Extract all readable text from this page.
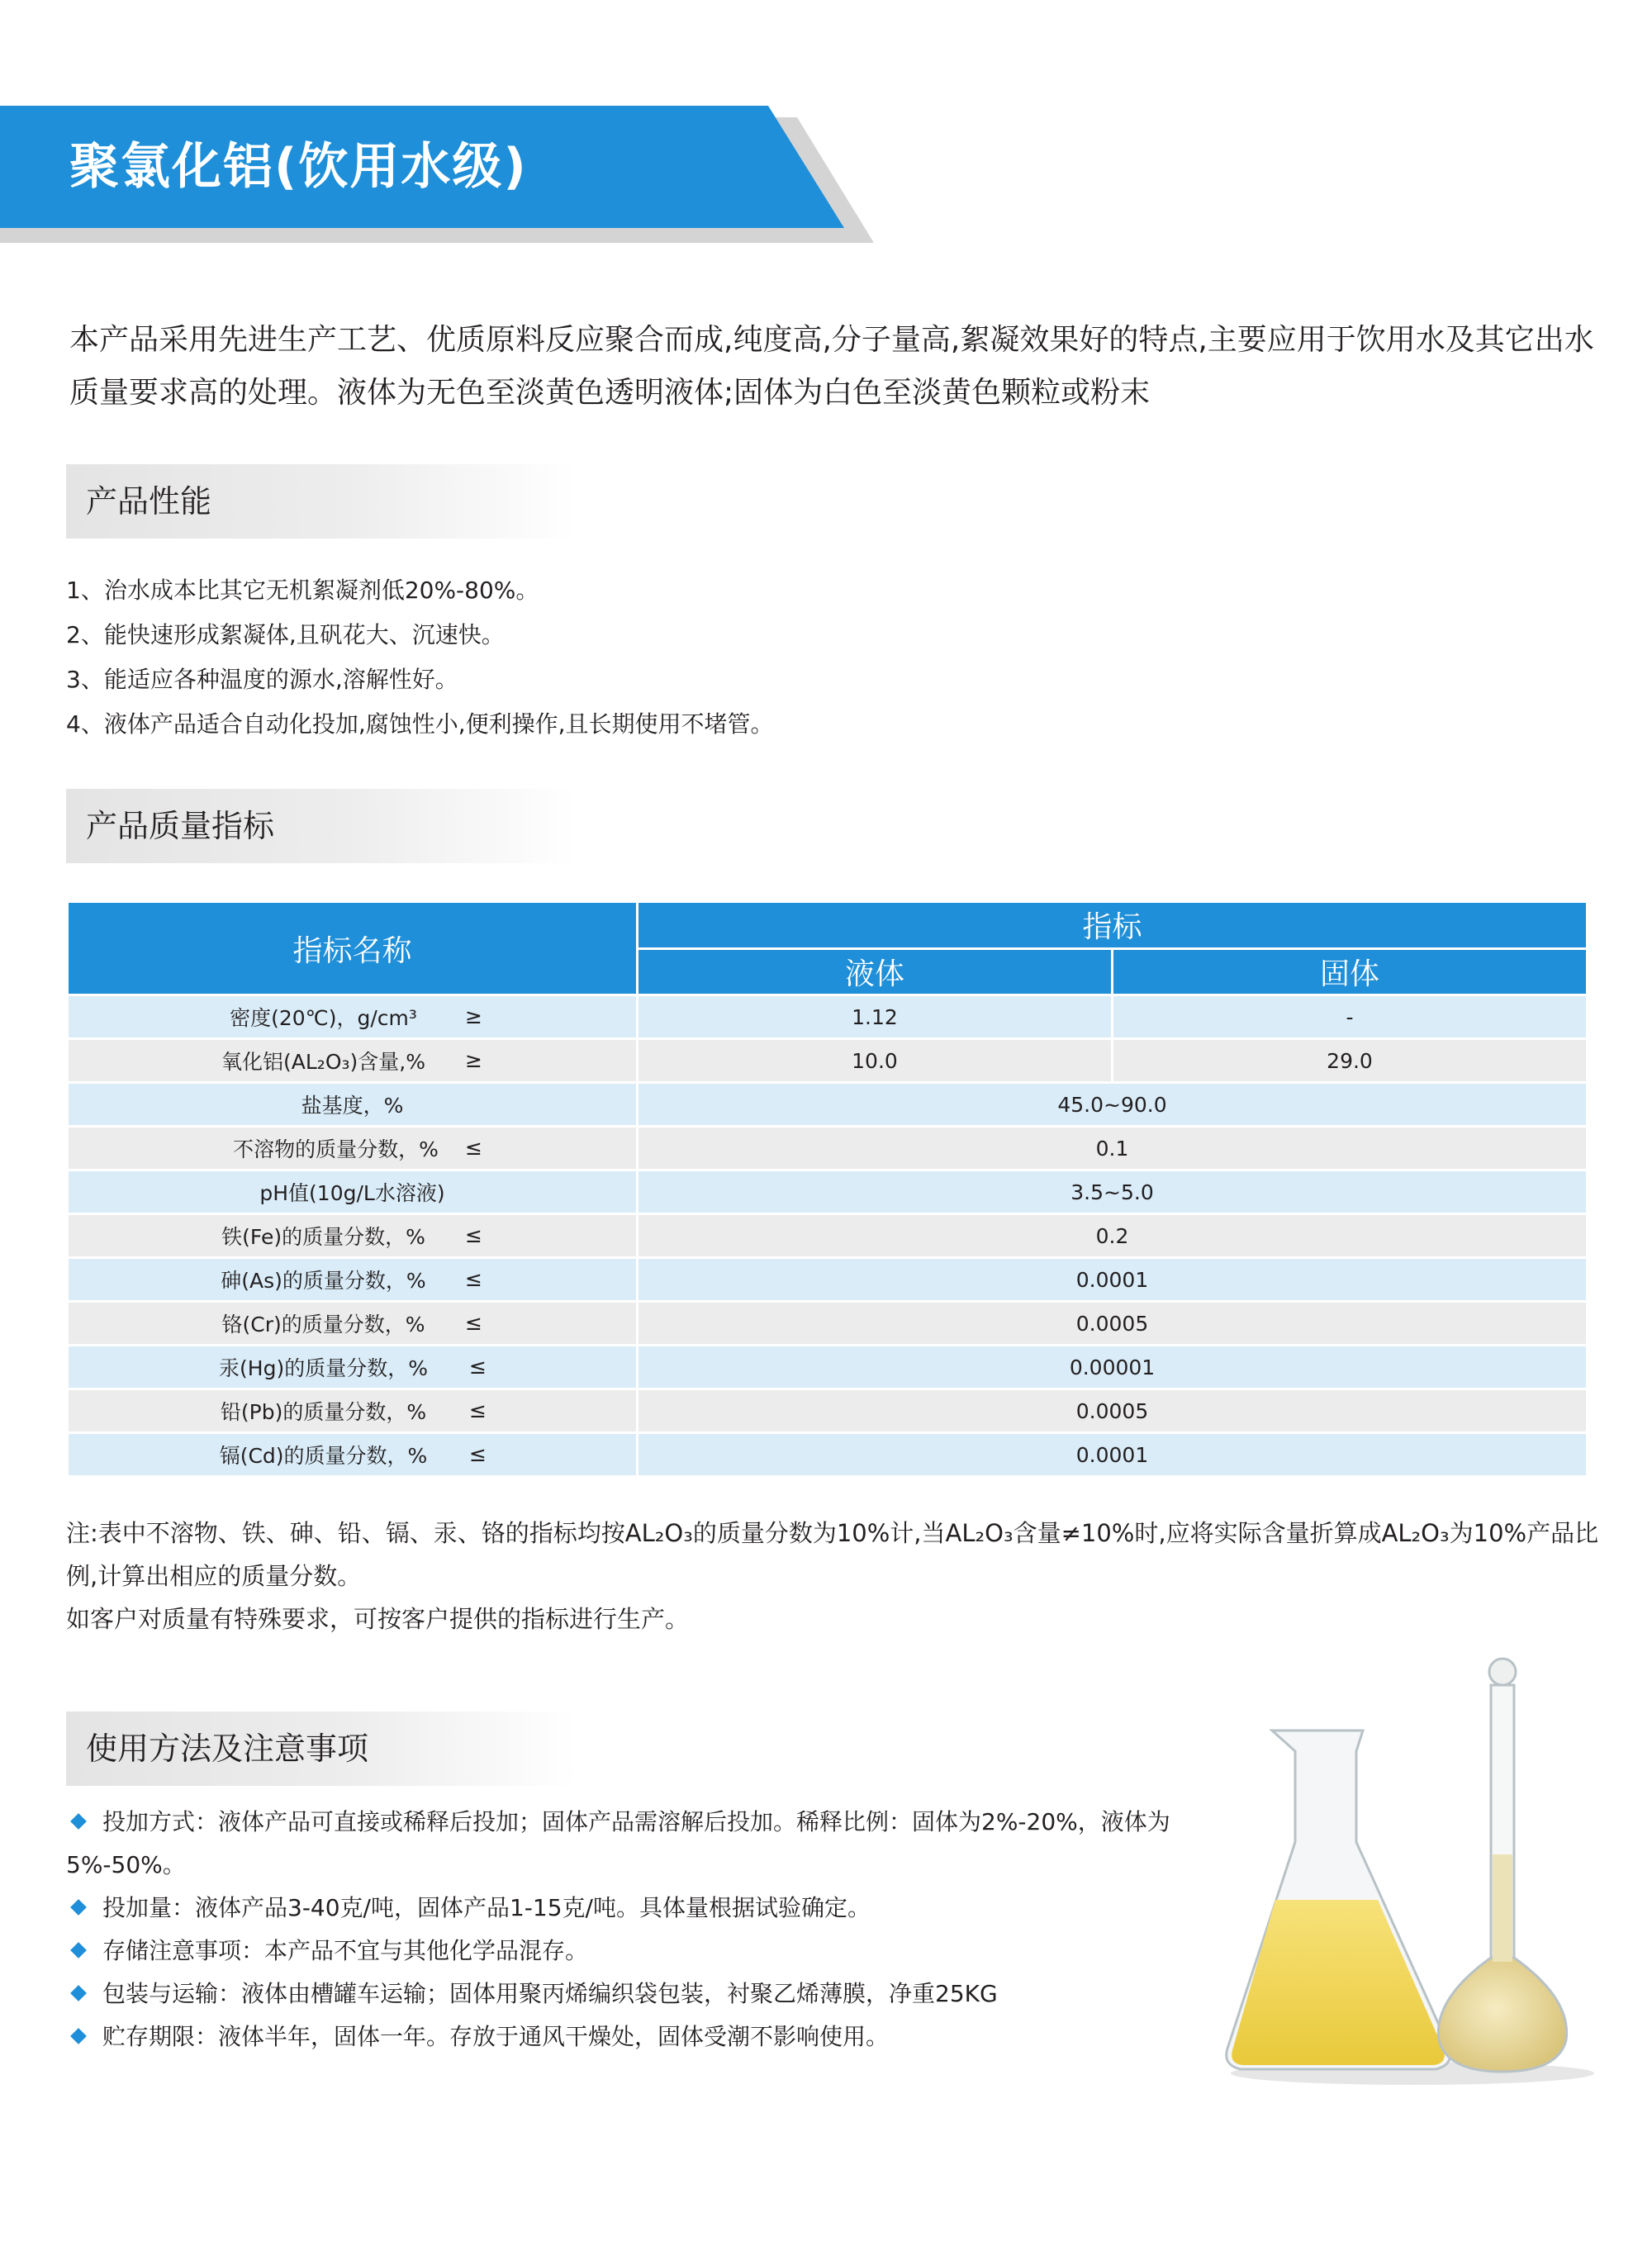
聚氯化铝(饮用水级)

本产品采用先进生产工艺、优质原料反应聚合而成,纯度高,分子量高,絮凝效果好的特点,主要应用于饮用水及其它出水质量要求高的处理。液体为无色至淡黄色透明液体;固体为白色至淡黄色颗粒或粉末

产品性能
1、治水成本比其它无机絮凝剂低20%-80%。
2、能快速形成絮凝体,且矾花大、沉速快。
3、能适应各种温度的源水,溶解性好。
4、液体产品适合自动化投加,腐蚀性小,便利操作,且长期使用不堵管。
产品质量指标
指标名称	指标	
	液体	固体
密度(20℃)，g/cm³ ≥	1.12	-
氧化铝(AL₂O₃)含量,% ≥	10.0	29.0
盐基度，%	45.0~90.0	
不溶物的质量分数，% ≤	0.1	
pH值(10g/L水溶液)	3.5~5.0	
铁(Fe)的质量分数，% ≤	0.2	
砷(As)的质量分数，% ≤	0.0001	
铬(Cr)的质量分数，% ≤	0.0005	
汞(Hg)的质量分数，% ≤	0.00001	
铅(Pb)的质量分数，% ≤	0.0005	
镉(Cd)的质量分数，% ≤	0.0001	
注:表中不溶物、铁、砷、铅、镉、汞、铬的指标均按AL₂O₃的质量分数为10%计,当AL₂O₃含量≠10%时,应将实际含量折算成AL₂O₃为10%产品比例,计算出相应的质量分数。
如客户对质量有特殊要求，可按客户提供的指标进行生产。
使用方法及注意事项
投加方式：液体产品可直接或稀释后投加；固体产品需溶解后投加。稀释比例：固体为2%-20%，液体为5%-50%。
投加量：液体产品3-40克/吨，固体产品1-15克/吨。具体量根据试验确定。
存储注意事项：本产品不宜与其他化学品混存。
包装与运输：液体由槽罐车运输；固体用聚丙烯编织袋包装，衬聚乙烯薄膜，净重25KG
贮存期限：液体半年，固体一年。存放于通风干燥处，固体受潮不影响使用。
